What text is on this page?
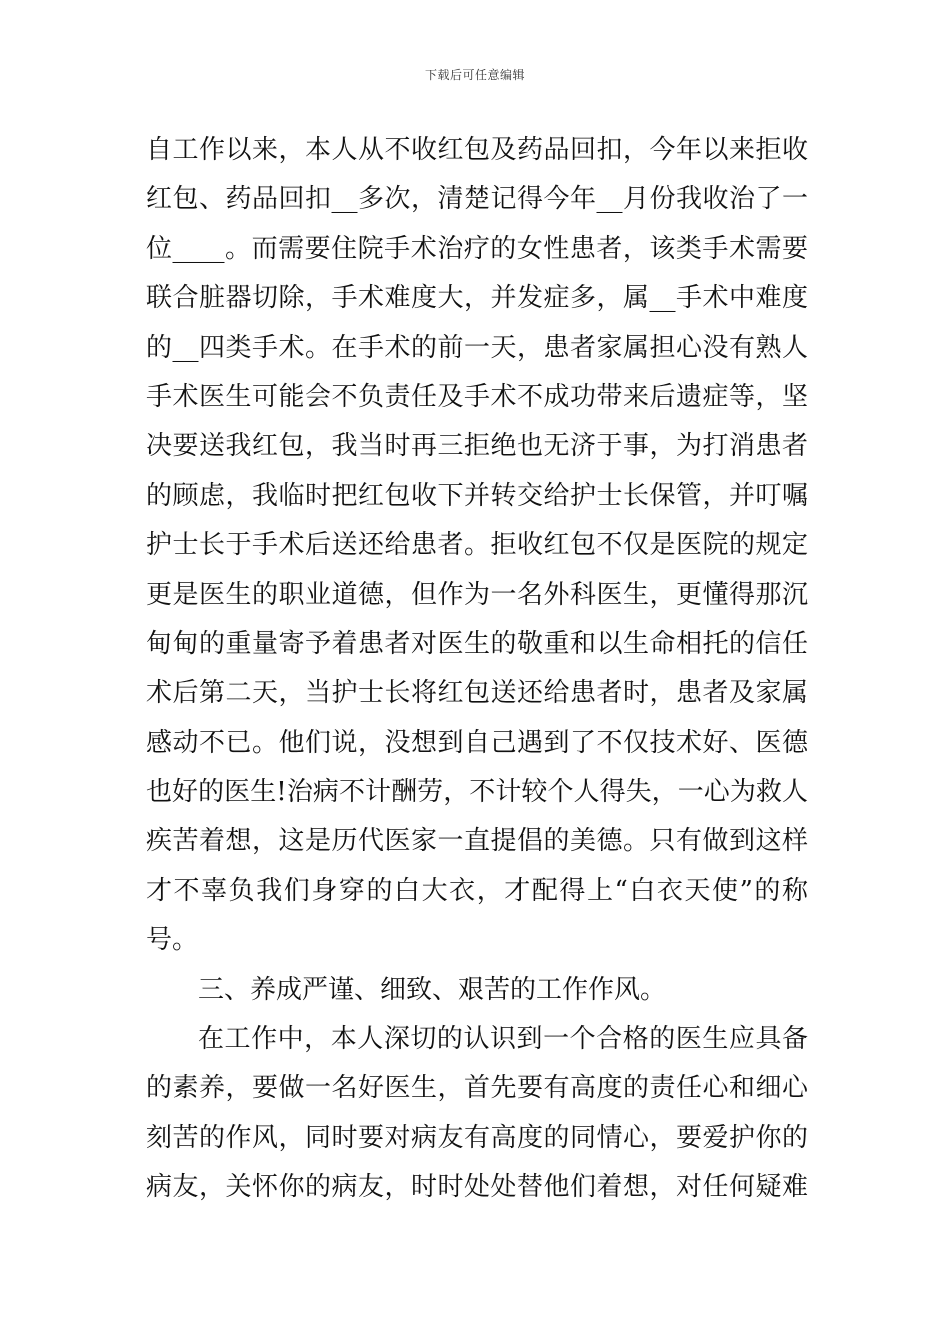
下载后可任意编辑
自工作以来，本人从不收红包及药品回扣，今年以来拒收
红包、药品回扣__多次，清楚记得今年__月份我收治了一
位____。而需要住院手术治疗的女性患者，该类手术需要
联合脏器切除，手术难度大，并发症多，属__手术中难度
的__四类手术。在手术的前一天，患者家属担心没有熟人
手术医生可能会不负责任及手术不成功带来后遗症等，坚
决要送我红包，我当时再三拒绝也无济于事，为打消患者
的顾虑，我临时把红包收下并转交给护士长保管，并叮嘱
护士长于手术后送还给患者。拒收红包不仅是医院的规定
更是医生的职业道德，但作为一名外科医生，更懂得那沉
甸甸的重量寄予着患者对医生的敬重和以生命相托的信任
术后第二天，当护士长将红包送还给患者时，患者及家属
感动不已。他们说，没想到自己遇到了不仅技术好、医德
也好的医生!治病不计酬劳，不计较个人得失，一心为救人
疾苦着想，这是历代医家一直提倡的美德。只有做到这样
才不辜负我们身穿的白大衣，才配得上“白衣天使”的称
号。
三、养成严谨、细致、艰苦的工作作风。
在工作中，本人深切的认识到一个合格的医生应具备
的素养，要做一名好医生，首先要有高度的责任心和细心
刻苦的作风，同时要对病友有高度的同情心，要爱护你的
病友，关怀你的病友，时时处处替他们着想，对任何疑难
